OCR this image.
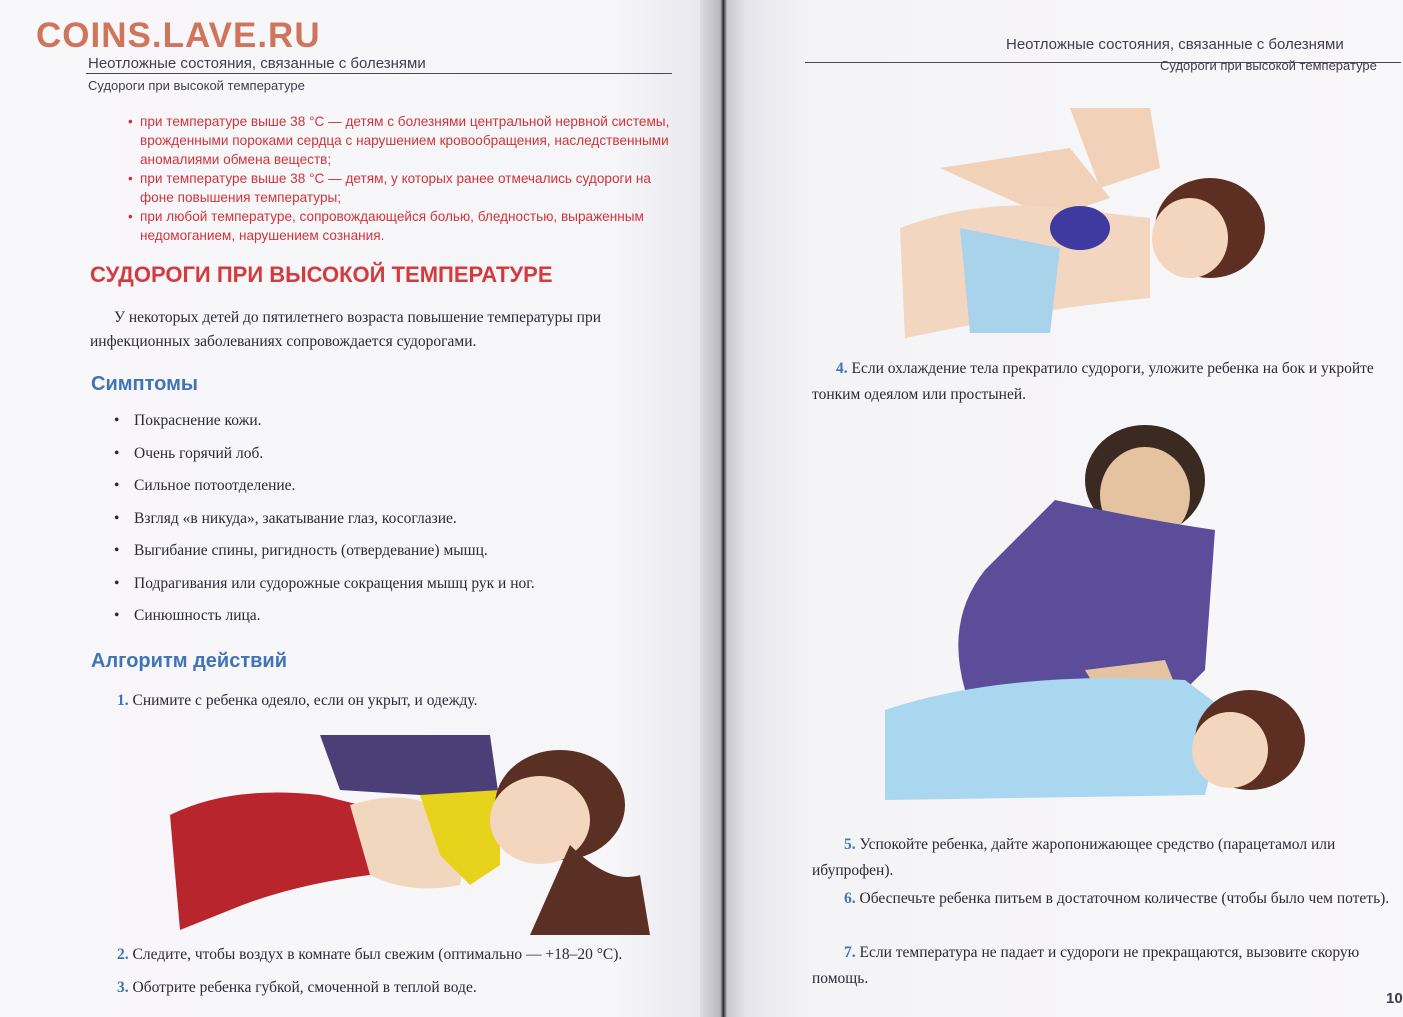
COINS.LAVE.RU
Неотложные состояния, связанные с болезнями
Судороги при высокой температуре
• при температуре выше 38 °С — детям с болезнями центральной нервной системы, врожденными пороками сердца с нарушением кровообращения, наследственными аномалиями обмена веществ;
• при температуре выше 38 °С — детям, у которых ранее отмечались судороги на фоне повышения температуры;
• при любой температуре, сопровождающейся болью, бледностью, выраженным недомоганием, нарушением сознания.
СУДОРОГИ ПРИ ВЫСОКОЙ ТЕМПЕРАТУРЕ

У некоторых детей до пятилетнего возраста повышение температуры при инфекционных заболеваниях сопровождается судорогами.

Симптомы
• Покраснение кожи.
• Очень горячий лоб.
• Сильное потоотделение.
• Взгляд «в никуда», закатывание глаз, косоглазие.
• Выгибание спины, ригидность (отвердевание) мышц.
• Подрагивания или судорожные сокращения мышц рук и ног.
• Синюшность лица.
Алгоритм действий

1. Снимите с ребенка одеяло, если он укрыт, и одежду.

2. Следите, чтобы воздух в комнате был свежим (оптимально — +18–20 °С).

3. Оботрите ребенка губкой, смоченной в теплой воде.

Неотложные состояния, связанные с болезнями
Судороги при высокой температуре

4. Если охлаждение тела прекратило судороги, уложите ребенка на бок и укройте тонким одеялом или простыней.

5. Успокойте ребенка, дайте жаропонижающее средство (парацетамол или ибупрофен).

6. Обеспечьте ребенка питьем в достаточном количестве (чтобы было чем потеть).

7. Если температура не падает и судороги не прекращаются, вызовите скорую помощь.

10
